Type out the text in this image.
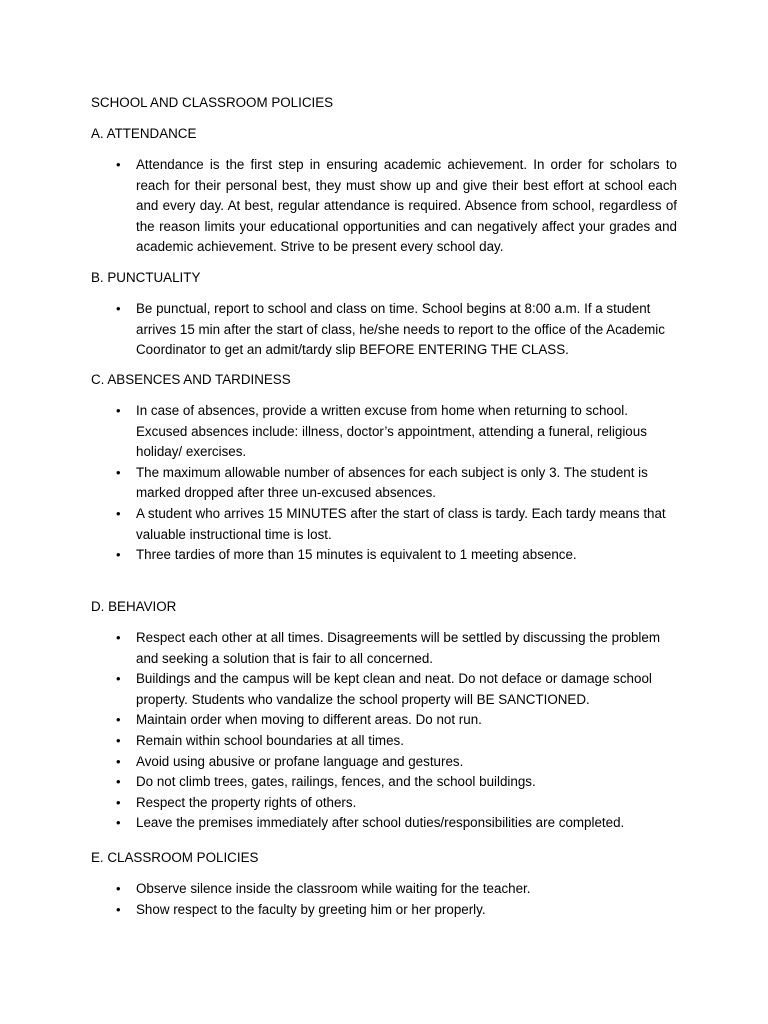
SCHOOL AND CLASSROOM POLICIES

A. ATTENDANCE

• Attendance is the first step in ensuring academic achievement. In order for scholars to reach for their personal best, they must show up and give their best effort at school each and every day. At best, regular attendance is required. Absence from school, regardless of the reason limits your educational opportunities and can negatively affect your grades and academic achievement. Strive to be present every school day.

B. PUNCTUALITY

• Be punctual, report to school and class on time. School begins at 8:00 a.m. If a student arrives 15 min after the start of class, he/she needs to report to the office of the Academic Coordinator to get an admit/tardy slip BEFORE ENTERING THE CLASS.

C. ABSENCES AND TARDINESS

• In case of absences, provide a written excuse from home when returning to school. Excused absences include: illness, doctor’s appointment, attending a funeral, religious holiday/ exercises.
• The maximum allowable number of absences for each subject is only 3. The student is marked dropped after three un-excused absences.
• A student who arrives 15 MINUTES after the start of class is tardy. Each tardy means that valuable instructional time is lost.
• Three tardies of more than 15 minutes is equivalent to 1 meeting absence.

D. BEHAVIOR

• Respect each other at all times. Disagreements will be settled by discussing the problem and seeking a solution that is fair to all concerned.
• Buildings and the campus will be kept clean and neat. Do not deface or damage school property. Students who vandalize the school property will BE SANCTIONED.
• Maintain order when moving to different areas. Do not run.
• Remain within school boundaries at all times.
• Avoid using abusive or profane language and gestures.
• Do not climb trees, gates, railings, fences, and the school buildings.
• Respect the property rights of others.
• Leave the premises immediately after school duties/responsibilities are completed.

E. CLASSROOM POLICIES

• Observe silence inside the classroom while waiting for the teacher.
• Show respect to the faculty by greeting him or her properly.
